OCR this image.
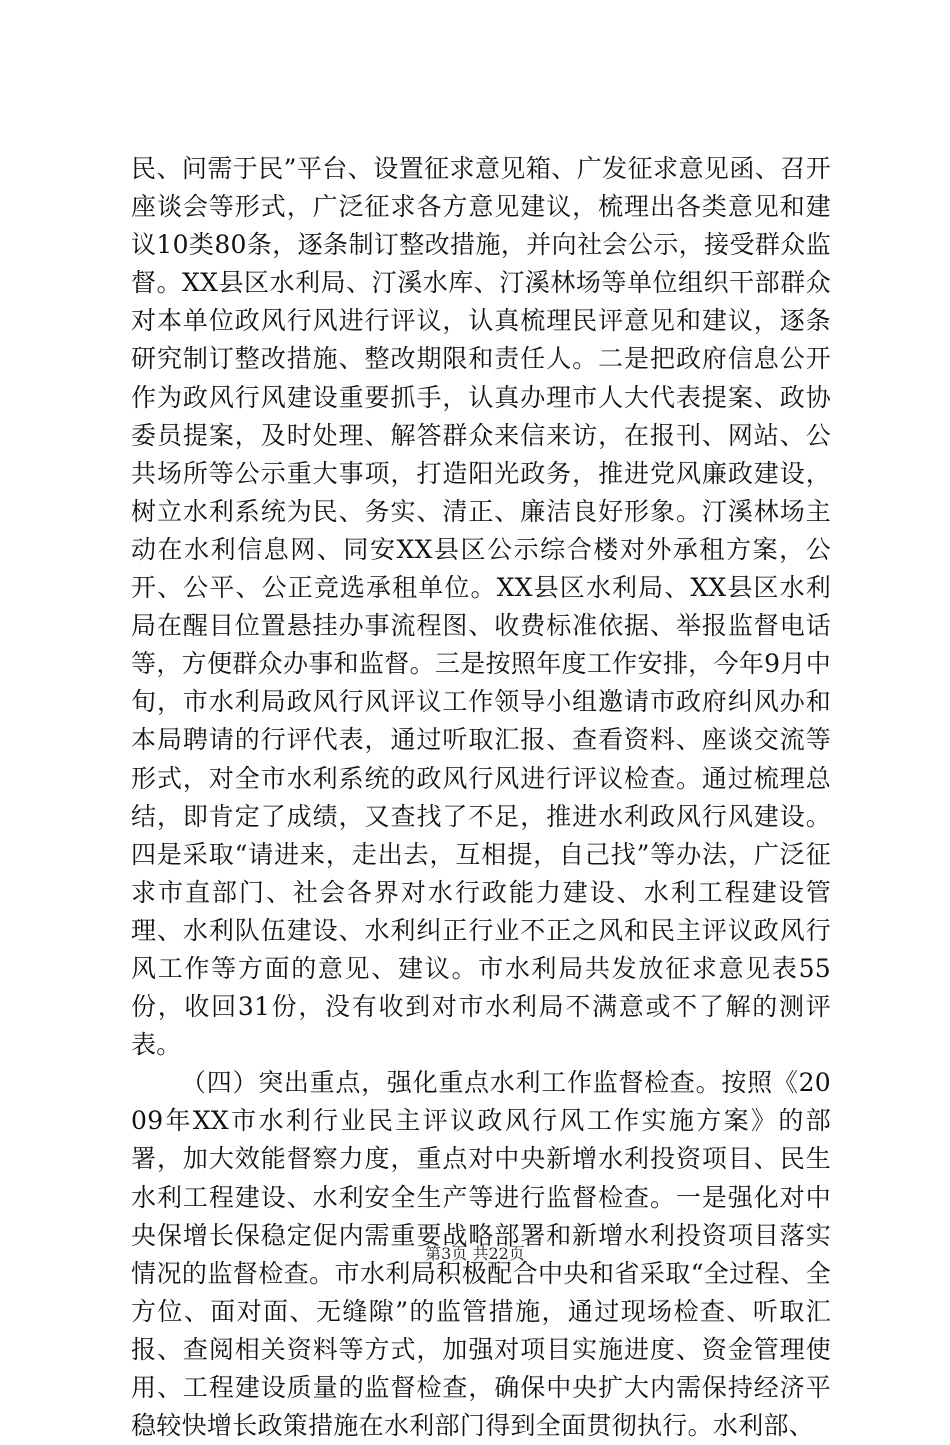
民、问需于民”平台、设置征求意见箱、广发征求意见函、召开座谈会等形式，广泛征求各方意见建议，梳理出各类意见和建议10类80条，逐条制订整改措施，并向社会公示，接受群众监督。XX县区水利局、汀溪水库、汀溪林场等单位组织干部群众对本单位政风行风进行评议，认真梳理民评意见和建议，逐条研究制订整改措施、整改期限和责任人。二是把政府信息公开作为政风行风建设重要抓手，认真办理市人大代表提案、政协委员提案，及时处理、解答群众来信来访，在报刊、网站、公共场所等公示重大事项，打造阳光政务，推进党风廉政建设，树立水利系统为民、务实、清正、廉洁良好形象。汀溪林场主动在水利信息网、同安XX县区公示综合楼对外承租方案，公开、公平、公正竞选承租单位。XX县区水利局、XX县区水利局在醒目位置悬挂办事流程图、收费标准依据、举报监督电话等，方便群众办事和监督。三是按照年度工作安排，今年9月中旬，市水利局政风行风评议工作领导小组邀请市政府纠风办和本局聘请的行评代表，通过听取汇报、查看资料、座谈交流等形式，对全市水利系统的政风行风进行评议检查。通过梳理总结，即肯定了成绩，又查找了不足，推进水利政风行风建设。四是采取“请进来，走出去，互相提，自己找”等办法，广泛征求市直部门、社会各界对水行政能力建设、水利工程建设管理、水利队伍建设、水利纠正行业不正之风和民主评议政风行风工作等方面的意见、建议。市水利局共发放征求意见表55份，收回31份，没有收到对市水利局不满意或不了解的测评表。

（四）突出重点，强化重点水利工作监督检查。按照《2009年XX市水利行业民主评议政风行风工作实施方案》的部署，加大效能督察力度，重点对中央新增水利投资项目、民生水利工程建设、水利安全生产等进行监督检查。一是强化对中央保增长保稳定促内需重要战略部署和新增水利投资项目落实情况的监督检查。市水利局积极配合中央和省采取“全过程、全方位、面对面、无缝隙”的监管措施，通过现场检查、听取汇报、查阅相关资料等方式，加强对项目实施进度、资金管理使用、工程建设质量的监督检查，确保中央扩大内需保持经济平稳较快增长政策措施在水利部门得到全面贯彻执行。水利部、

第3页 共22页
